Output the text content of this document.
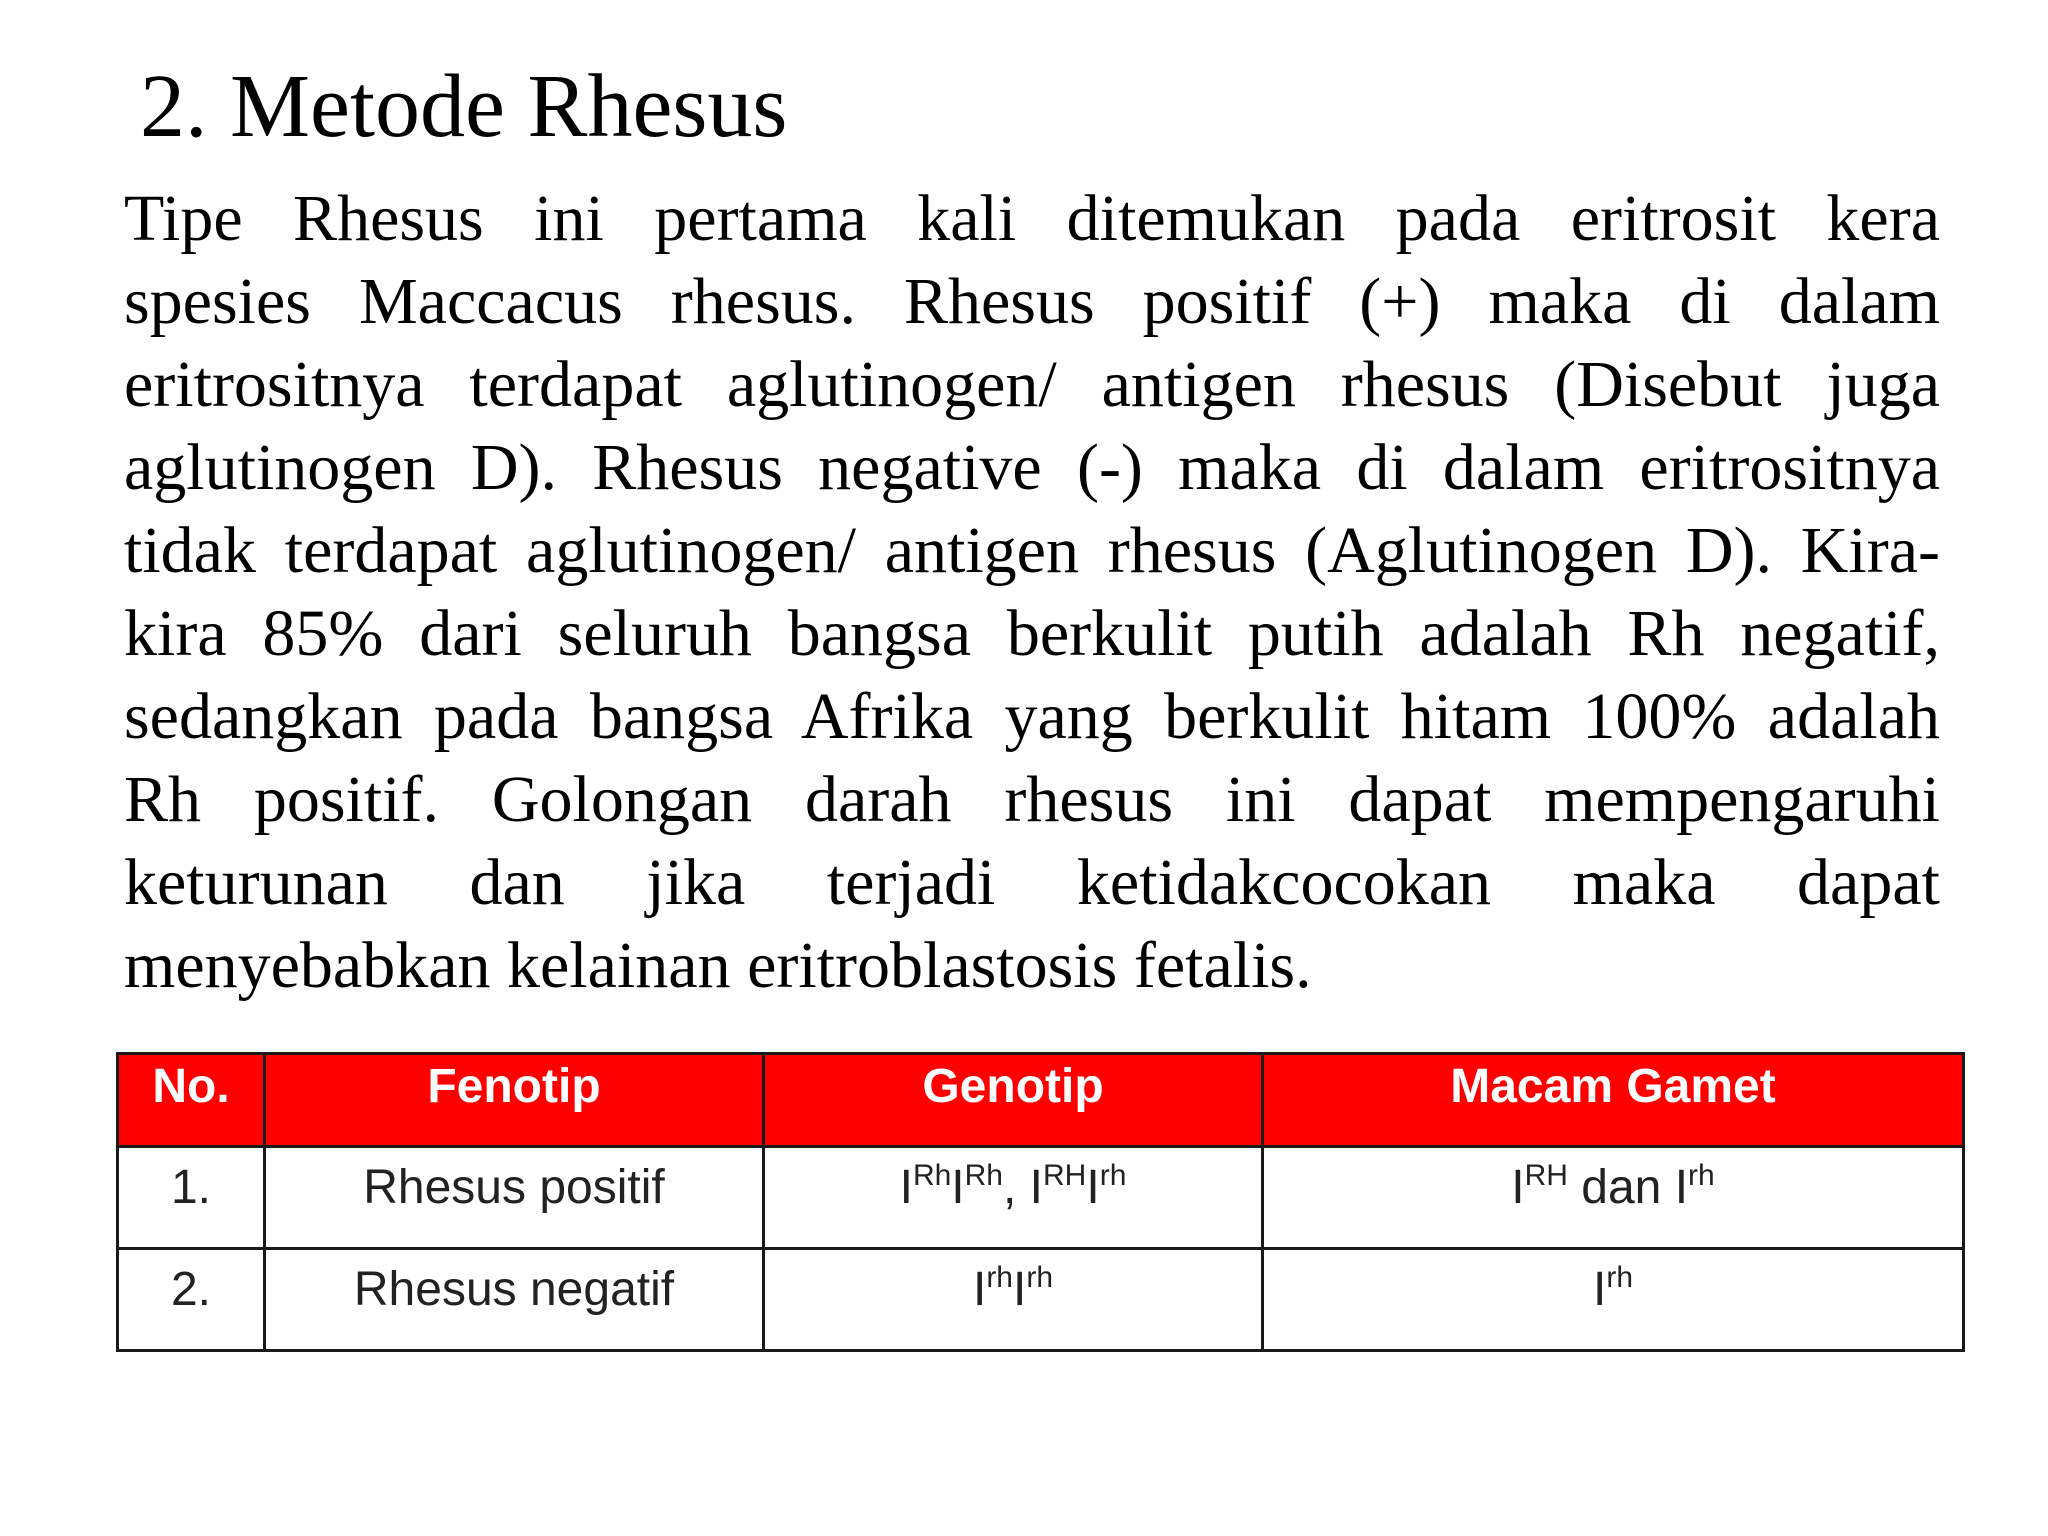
2. Metode Rhesus
Tipe Rhesus ini pertama kali ditemukan pada eritrosit kera
spesies Maccacus rhesus. Rhesus positif (+) maka di dalam
eritrositnya terdapat aglutinogen/ antigen rhesus (Disebut juga
aglutinogen D). Rhesus negative (-) maka di dalam eritrositnya
tidak terdapat aglutinogen/ antigen rhesus (Aglutinogen D). Kira-
kira 85% dari seluruh bangsa berkulit putih adalah Rh negatif,
sedangkan pada bangsa Afrika yang berkulit hitam 100% adalah
Rh positif. Golongan darah rhesus ini dapat mempengaruhi
keturunan dan jika terjadi ketidakcocokan maka dapat
menyebabkan kelainan eritroblastosis fetalis.
No.	Fenotip	Genotip	Macam Gamet
1.	Rhesus positif	$I^{Rh}I^{Rh}$, $I^{RH}I^{rh}$	$I^{RH}$ dan $I^{rh}$
2.	Rhesus negatif	$I^{rh}I^{rh}$	$I^{rh}$
